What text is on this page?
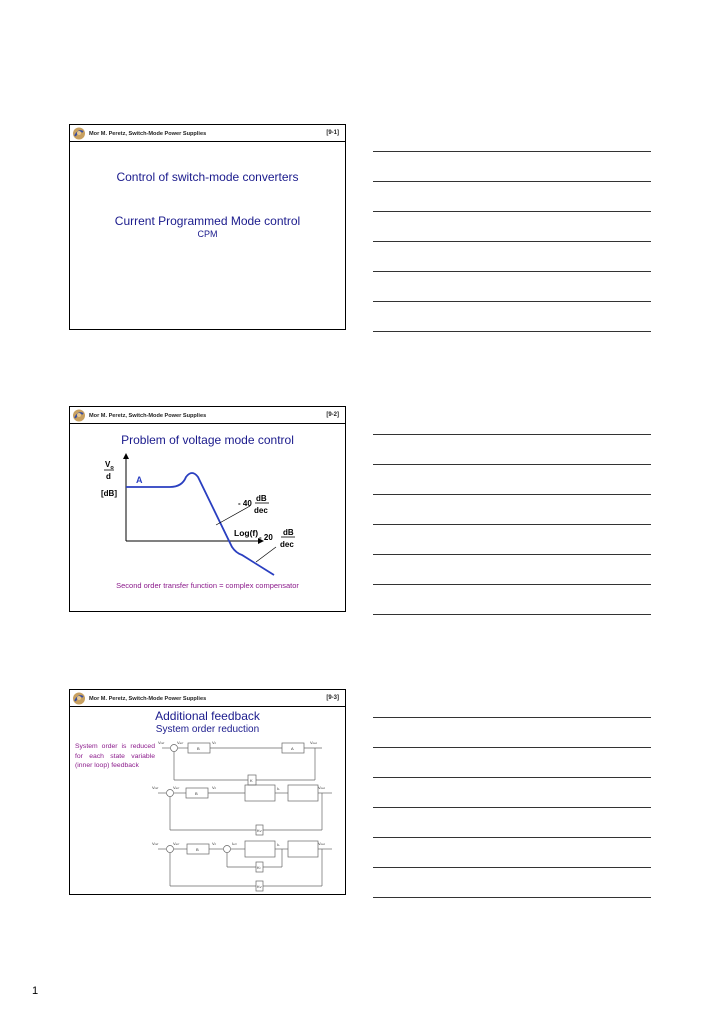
Mor M. Peretz, Switch-Mode Power Supplies	[9-1]
Control of switch-mode converters
Current Programmed Mode control
CPM
Mor M. Peretz, Switch-Mode Power Supplies	[9-2]
Problem of voltage mode control
$V_o$
d
[dB]
A
- 40
dB
dec
Log(f) - 20
dB
dec
Second order transfer function = complex compensator
Mor M. Peretz, Switch-Mode Power Supplies	[9-3]
Additional feedback
System order reduction
System order is reduced for each state variable (inner loop) feedback
Vref	Verr
B
Vc
A
Vout
K
Vref	Verr
B
Vc	IL	Vout
KV
Vref	Verr
B
Vc	Ierr	IL	Vout
KI
KV
1
